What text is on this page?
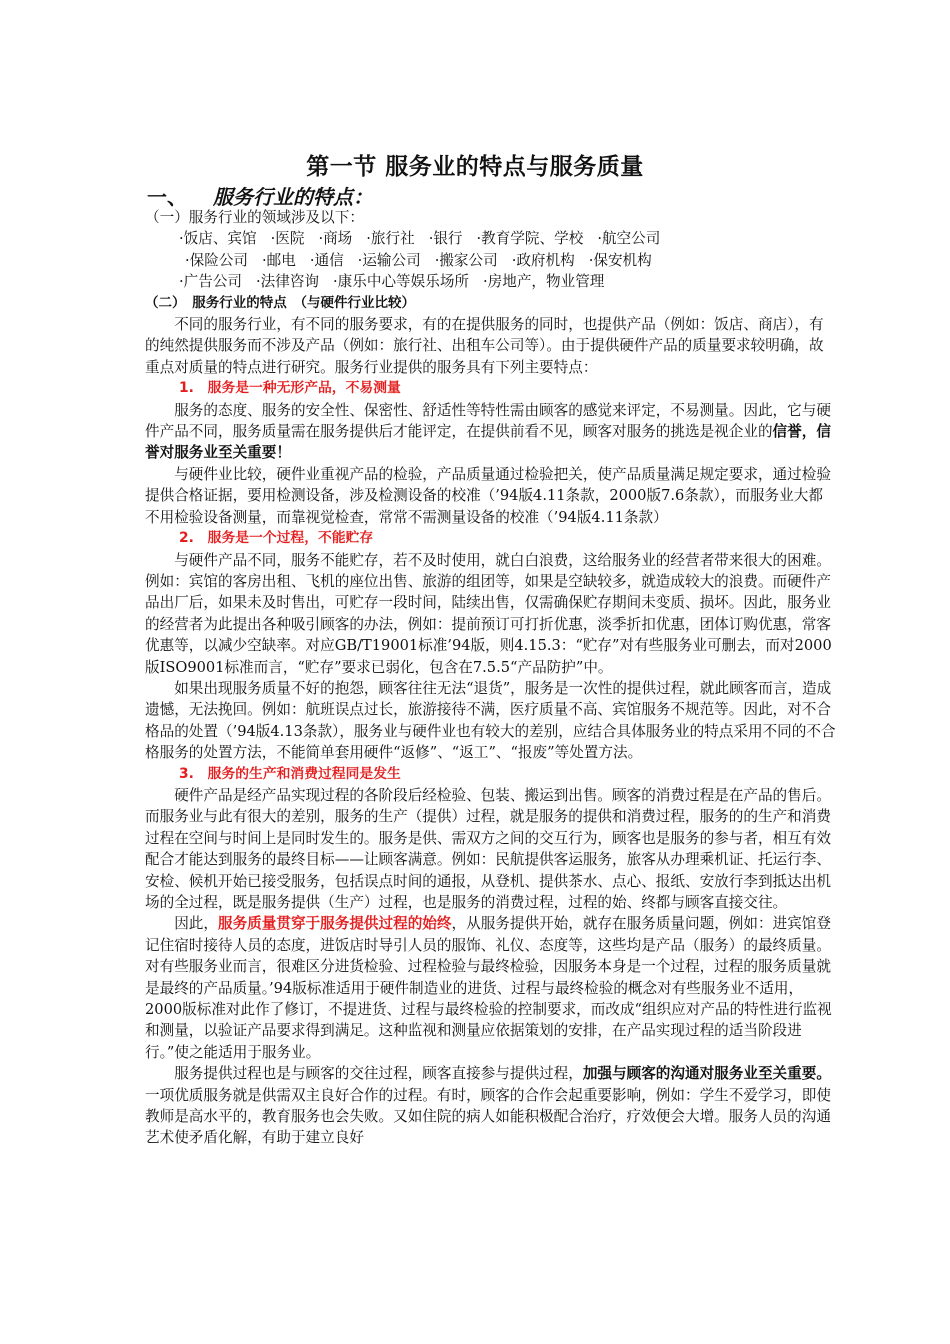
第一节 服务业的特点与服务质量
一、 服务行业的特点：

（一）服务行业的领域涉及以下：

·饭店、宾馆 ·医院 ·商场 ·旅行社 ·银行 ·教育学院、学校 ·航空公司
·保险公司 ·邮电 ·通信 ·运输公司 ·搬家公司 ·政府机构 ·保安机构
·广告公司 ·法律咨询 ·康乐中心等娱乐场所 ·房地产，物业管理

（二）　服务行业的特点　（与硬件行业比较）

不同的服务行业，有不同的服务要求，有的在提供服务的同时，也提供产品（例如：饭店、商店），有的纯然提供服务而不涉及产品（例如：旅行社、出租车公司等）。由于提供硬件产品的质量要求较明确，故重点对质量的特点进行研究。服务行业提供的服务具有下列主要特点：

1.　服务是一种无形产品，不易测量

服务的态度、服务的安全性、保密性、舒适性等特性需由顾客的感觉来评定，不易测量。因此，它与硬件产品不同，服务质量需在服务提供后才能评定，在提供前看不见，顾客对服务的挑选是视企业的信誉，信誉对服务业至关重要！

与硬件业比较，硬件业重视产品的检验，产品质量通过检验把关，使产品质量满足规定要求，通过检验提供合格证据，要用检测设备，涉及检测设备的校准（’94版4.11条款，2000版7.6条款），而服务业大都不用检验设备测量，而靠视觉检查，常常不需测量设备的校准（’94版4.11条款）

2.　服务是一个过程，不能贮存

与硬件产品不同，服务不能贮存，若不及时使用，就白白浪费，这给服务业的经营者带来很大的困难。例如：宾馆的客房出租、飞机的座位出售、旅游的组团等，如果是空缺较多，就造成较大的浪费。而硬件产品出厂后，如果未及时售出，可贮存一段时间，陆续出售，仅需确保贮存期间未变质、损坏。因此，服务业的经营者为此提出各种吸引顾客的办法，例如：提前预订可打折优惠，淡季折扣优惠，团体订购优惠，常客优惠等，以减少空缺率。对应GB/T19001标准’94版，则4.15.3：“贮存”对有些服务业可删去，而对2000版ISO9001标准而言，“贮存”要求已弱化，包含在7.5.5“产品防护”中。

如果出现服务质量不好的抱怨，顾客往往无法“退货”，服务是一次性的提供过程，就此顾客而言，造成遗憾，无法挽回。例如：航班误点过长，旅游接待不满，医疗质量不高、宾馆服务不规范等。因此，对不合格品的处置（’94版4.13条款），服务业与硬件业也有较大的差别，应结合具体服务业的特点采用不同的不合格服务的处置方法，不能简单套用硬件“返修”、“返工”、“报废”等处置方法。

3.　服务的生产和消费过程同是发生

硬件产品是经产品实现过程的各阶段后经检验、包装、搬运到出售。顾客的消费过程是在产品的售后。而服务业与此有很大的差别，服务的生产（提供）过程，就是服务的提供和消费过程，服务的的生产和消费过程在空间与时间上是同时发生的。服务是供、需双方之间的交互行为，顾客也是服务的参与者，相互有效配合才能达到服务的最终目标——让顾客满意。例如：民航提供客运服务，旅客从办理乘机证、托运行李、安检、候机开始已接受服务，包括误点时间的通报，从登机、提供茶水、点心、报纸、安放行李到抵达出机场的全过程，既是服务提供（生产）过程，也是服务的消费过程，过程的始、终都与顾客直接交往。

因此，服务质量贯穿于服务提供过程的始终，从服务提供开始，就存在服务质量问题，例如：进宾馆登记住宿时接待人员的态度，进饭店时导引人员的服饰、礼仪、态度等，这些均是产品（服务）的最终质量。对有些服务业而言，很难区分进货检验、过程检验与最终检验，因服务本身是一个过程，过程的服务质量就是最终的产品质量。’94版标准适用于硬件制造业的进货、过程与最终检验的概念对有些服务业不适用，2000版标准对此作了修订，不提进货、过程与最终检验的控制要求，而改成“组织应对产品的特性进行监视和测量，以验证产品要求得到满足。这种监视和测量应依据策划的安排，在产品实现过程的适当阶段进行。”使之能适用于服务业。

服务提供过程也是与顾客的交往过程，顾客直接参与提供过程，加强与顾客的沟通对服务业至关重要。一项优质服务就是供需双主良好合作的过程。有时，顾客的合作会起重要影响，例如：学生不爱学习，即使教师是高水平的，教育服务也会失败。又如住院的病人如能积极配合治疗，疗效便会大增。服务人员的沟通艺术使矛盾化解，有助于建立良好
